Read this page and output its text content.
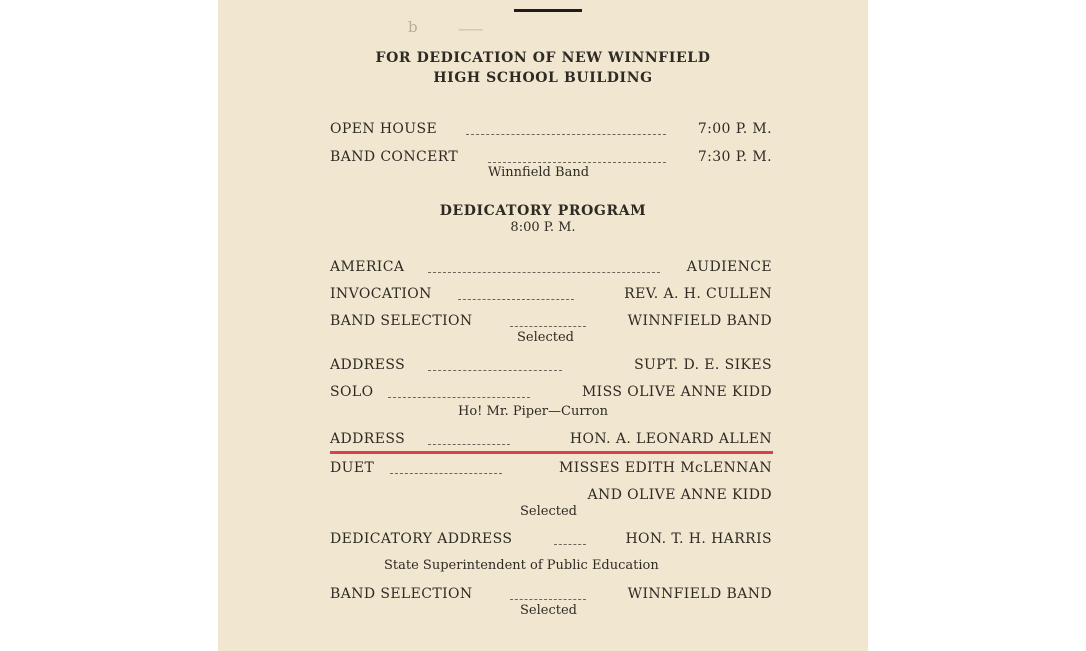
b	⸺
FOR DEDICATION OF NEW WINNFIELD
HIGH SCHOOL BUILDING
OPEN HOUSE	7:00 P. M.
BAND CONCERT	7:30 P. M.
Winnfield Band
DEDICATORY PROGRAM
8:00 P. M.
AMERICA	AUDIENCE
INVOCATION	REV. A. H. CULLEN
BAND SELECTION	WINNFIELD BAND
Selected
ADDRESS	SUPT. D. E. SIKES
SOLO	MISS OLIVE ANNE KIDD
Ho! Mr. Piper—Curron
ADDRESS	HON. A. LEONARD ALLEN
DUET	MISSES EDITH McLENNAN
AND OLIVE ANNE KIDD
Selected
DEDICATORY ADDRESS	HON. T. H. HARRIS
State Superintendent of Public Education
BAND SELECTION	WINNFIELD BAND
Selected
